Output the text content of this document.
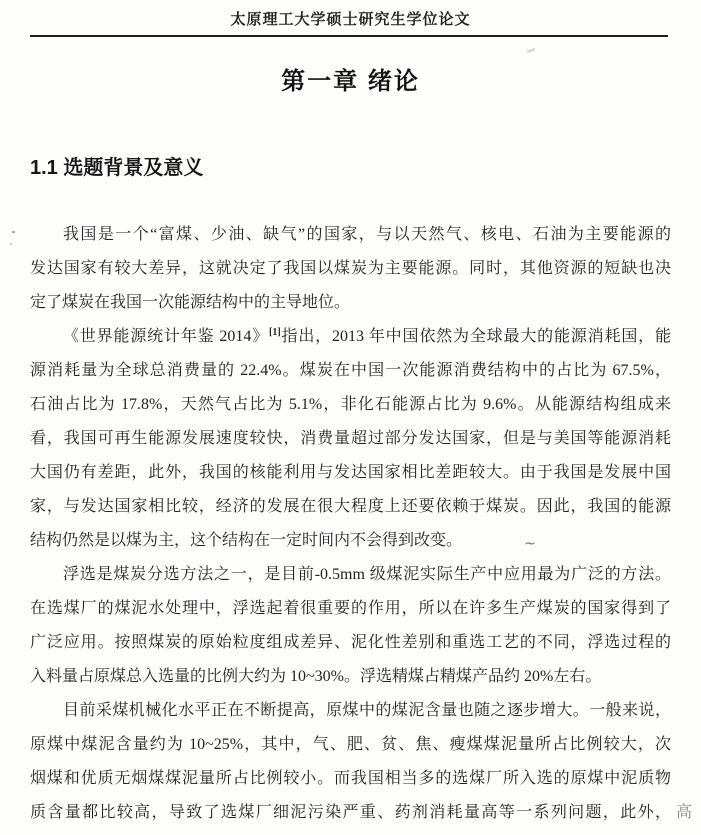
太原理工大学硕士研究生学位论文
第一章 绪论
1.1 选题背景及意义
我国是一个“富煤、少油、缺气”的国家，与以天然气、核电、石油为主要能源的
发达国家有较大差异，这就决定了我国以煤炭为主要能源。同时，其他资源的短缺也决
定了煤炭在我国一次能源结构中的主导地位。
《世界能源统计年鉴 2014》[1]指出，2013 年中国依然为全球最大的能源消耗国，能
源消耗量为全球总消费量的 22.4%。煤炭在中国一次能源消费结构中的占比为 67.5%，
石油占比为 17.8%，天然气占比为 5.1%，非化石能源占比为 9.6%。从能源结构组成来
看，我国可再生能源发展速度较快，消费量超过部分发达国家，但是与美国等能源消耗
大国仍有差距，此外，我国的核能利用与发达国家相比差距较大。由于我国是发展中国
家，与发达国家相比较，经济的发展在很大程度上还要依赖于煤炭。因此，我国的能源
结构仍然是以煤为主，这个结构在一定时间内不会得到改变。
浮选是煤炭分选方法之一，是目前-0.5mm 级煤泥实际生产中应用最为广泛的方法。
在选煤厂的煤泥水处理中，浮选起着很重要的作用，所以在许多生产煤炭的国家得到了
广泛应用。按照煤炭的原始粒度组成差异、泥化性差别和重选工艺的不同，浮选过程的
入料量占原煤总入选量的比例大约为 10~30%。浮选精煤占精煤产品约 20%左右。
目前采煤机械化水平正在不断提高，原煤中的煤泥含量也随之逐步增大。一般来说，
原煤中煤泥含量约为 10~25%，其中，气、肥、贫、焦、瘦煤煤泥量所占比例较大，次
烟煤和优质无烟煤煤泥量所占比例较小。而我国相当多的选煤厂所入选的原煤中泥质物
质含量都比较高，导致了选煤厂细泥污染严重、药剂消耗量高等一系列问题，此外， 高
~
